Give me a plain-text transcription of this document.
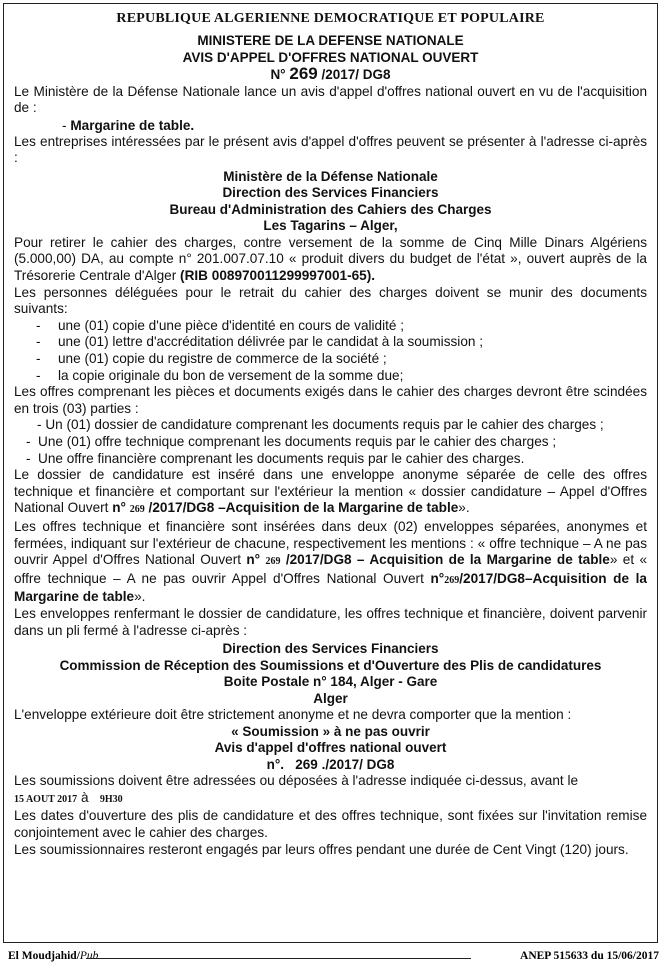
REPUBLIQUE ALGERIENNE DEMOCRATIQUE ET POPULAIRE
MINISTERE DE LA DEFENSE NATIONALE
AVIS D'APPEL D'OFFRES NATIONAL OUVERT
N° 269 /2017/ DG8

Le Ministère de la Défense Nationale lance un avis d'appel d'offres national ouvert en vu de l'acquisition de :

- Margarine de table.

Les entreprises intéressées par le présent avis d'appel d'offres peuvent se présenter à l'adresse ci-après :

Ministère de la Défense Nationale
Direction des Services Financiers
Bureau d'Administration des Cahiers des Charges
Les Tagarins – Alger,

Pour retirer le cahier des charges, contre versement de la somme de Cinq Mille Dinars Algériens (5.000,00) DA, au compte n° 201.007.07.10 « produit divers du budget de l'état », ouvert auprès de la Trésorerie Centrale d'Alger (RIB 008970011299997001-65).

Les personnes déléguées pour le retrait du cahier des charges doivent se munir des documents suivants:

- une (01) copie d'une pièce d'identité en cours de validité ;
- une (01) lettre d'accréditation délivrée par le candidat à la soumission ;
- une (01) copie du registre de commerce de la société ;
- la copie originale du bon de versement de la somme due;

Les offres comprenant les pièces et documents exigés dans le cahier des charges devront être scindées en trois (03) parties :

- Un (01) dossier de candidature comprenant les documents requis par le cahier des charges ;
- Une (01) offre technique comprenant les documents requis par le cahier des charges ;
- Une offre financière comprenant les documents requis par le cahier des charges.

Le dossier de candidature est inséré dans une enveloppe anonyme séparée de celle des offres technique et financière et comportant sur l'extérieur la mention « dossier candidature – Appel d'Offres National Ouvert n° 269 /2017/DG8 –Acquisition de la Margarine de table».

Les offres technique et financière sont insérées dans deux (02) enveloppes séparées, anonymes et fermées, indiquant sur l'extérieur de chacune, respectivement les mentions : « offre technique – A ne pas ouvrir Appel d'Offres National Ouvert n° 269 /2017/DG8 – Acquisition de la Margarine de table» et « offre technique – A ne pas ouvrir Appel d'Offres National Ouvert n°269/2017/DG8–Acquisition de la Margarine de table».

Les enveloppes renfermant le dossier de candidature, les offres technique et financière, doivent parvenir dans un pli fermé à l'adresse ci-après :

Direction des Services Financiers
Commission de Réception des Soumissions et d'Ouverture des Plis de candidatures
Boite Postale n° 184, Alger - Gare
Alger

L'enveloppe extérieure doit être strictement anonyme et ne devra comporter que la mention :

« Soumission » à ne pas ouvrir
Avis d'appel d'offres national ouvert
n°. 269 ./2017/ DG8

Les soumissions doivent être adressées ou déposées à l'adresse indiquée ci-dessus, avant le
15 AOUT 2017 à 9H30

Les dates d'ouverture des plis de candidature et des offres technique, sont fixées sur l'invitation remise conjointement avec le cahier des charges.

Les soumissionnaires resteront engagés par leurs offres pendant une durée de Cent Vingt (120) jours.

El Moudjahid/Pub	ANEP 515633 du 15/06/2017
